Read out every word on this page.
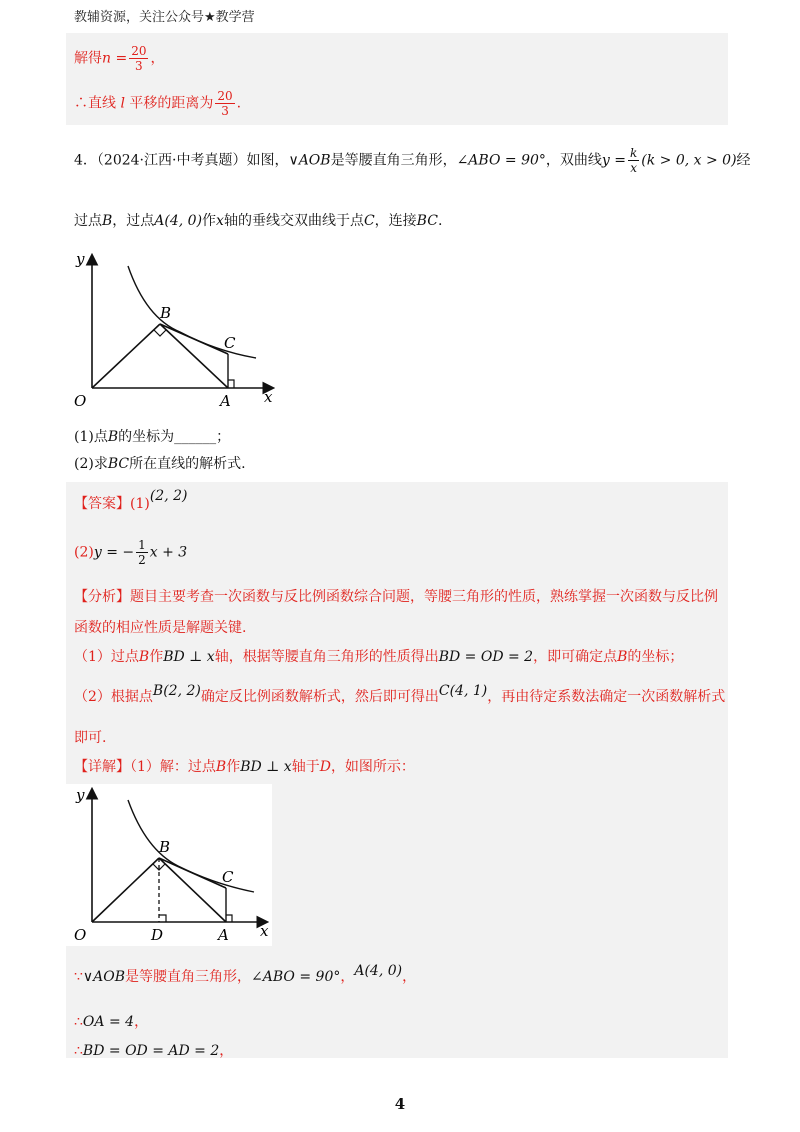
教辅资源，关注公众号★教学营
解得$n = \frac{20}{3}$ ，
∴直线 l 平移的距离为 $\frac{20}{3}$ .
4．（2024·江西·中考真题）如图，∨AOB是等腰直角三角形，∠ABO = 90°，双曲线$y = \frac{k}{x} (k > 0$, x > 0)经
过点B，过点A(4, 0)作x轴的垂线交双曲线于点C，连接BC.
y
O	A x
B
C
(1)点B的坐标为______；
(2)求BC所在直线的解析式.
【答案】(1)(2, 2)
(2)y = − $\frac{1}{2}$ x + 3
【分析】题目主要考查一次函数与反比例函数综合问题，等腰三角形的性质，熟练掌握一次函数与反比例
函数的相应性质是解题关键.
（1）过点B作BD ⊥ x轴，根据等腰直角三角形的性质得出BD = OD = 2，即可确定点B的坐标；
（2）根据点B(2, 2)确定反比例函数解析式，然后即可得出C(4, 1)，再由待定系数法确定一次函数解析式
即可.
【详解】（1）解：过点B作BD ⊥ x轴于D，如图所示：
y
O	D	A x
B
C
∵∨AOB是等腰直角三角形，∠ABO = 90°，A(4, 0)，
∴OA = 4，
∴BD = OD = AD = 2，
4
